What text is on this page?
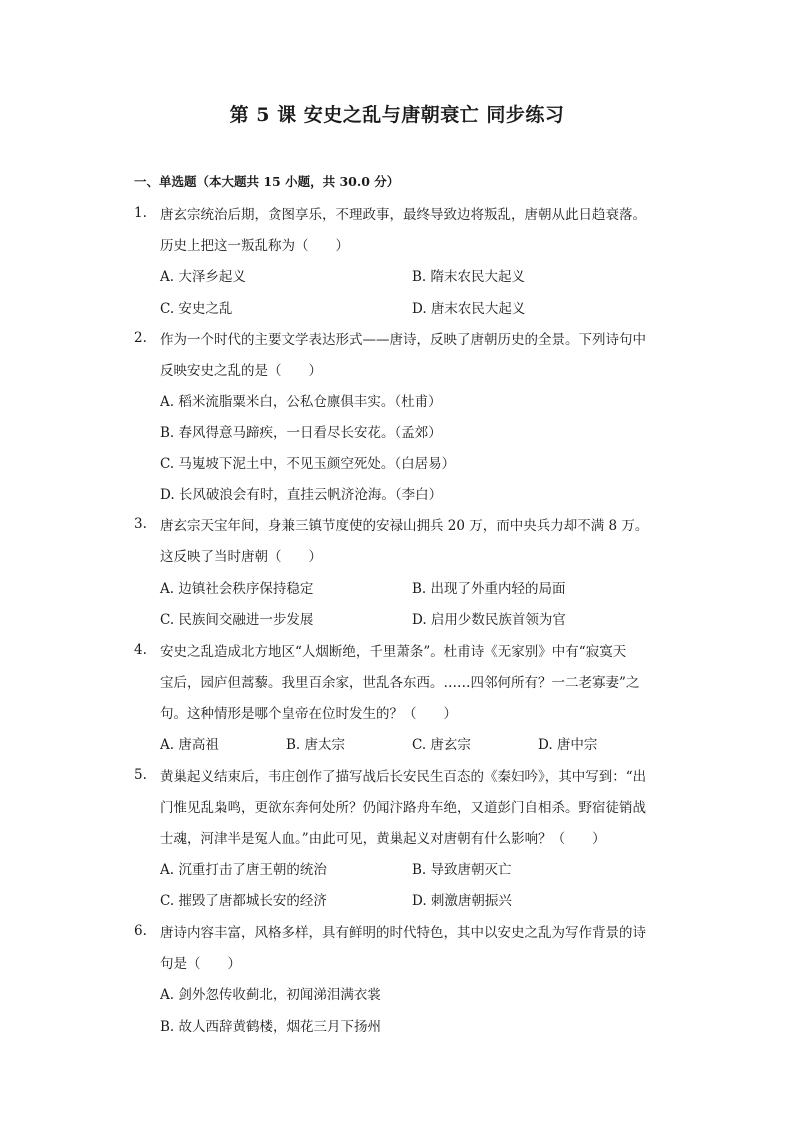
第 5 课 安史之乱与唐朝衰亡 同步练习
一、单选题（本大题共 15 小题，共 30.0 分）
1. 唐玄宗统治后期，贪图享乐，不理政事，最终导致边将叛乱，唐朝从此日趋衰落。
历史上把这一叛乱称为（　　）
A. 大泽乡起义	B. 隋末农民大起义
C. 安史之乱	D. 唐末农民大起义
2. 作为一个时代的主要文学表达形式——唐诗，反映了唐朝历史的全景。下列诗句中
反映安史之乱的是（　　）
A. 稻米流脂粟米白，公私仓廪俱丰实。（杜甫）
B. 春风得意马蹄疾，一日看尽长安花。（孟郊）
C. 马嵬坡下泥土中，不见玉颜空死处。（白居易）
D. 长风破浪会有时，直挂云帆济沧海。（李白）
3. 唐玄宗天宝年间，身兼三镇节度使的安禄山拥兵 20 万，而中央兵力却不满 8 万。
这反映了当时唐朝（　　）
A. 边镇社会秩序保持稳定	B. 出现了外重内轻的局面
C. 民族间交融进一步发展	D. 启用少数民族首领为官
4. 安史之乱造成北方地区“人烟断绝，千里萧条”。杜甫诗《无家别》中有“寂寞天
宝后，园庐但蒿藜。我里百余家，世乱各东西。……四邻何所有？一二老寡妻”之
句。这种情形是哪个皇帝在位时发生的？（　　）
A. 唐高祖	B. 唐太宗	C. 唐玄宗	D. 唐中宗
5. 黄巢起义结束后，韦庄创作了描写战后长安民生百态的《秦妇吟》，其中写到：“出
门惟见乱枭鸣，更欲东奔何处所？仍闻汴路舟车绝，又道彭门自相杀。野宿徒销战
士魂，河津半是冤人血。”由此可见，黄巢起义对唐朝有什么影响？（　　）
A. 沉重打击了唐王朝的统治	B. 导致唐朝灭亡
C. 摧毁了唐都城长安的经济	D. 刺激唐朝振兴
6. 唐诗内容丰富，风格多样，具有鲜明的时代特色，其中以安史之乱为写作背景的诗
句是（　　）
A. 剑外忽传收蓟北，初闻涕泪满衣裳
B. 故人西辞黄鹤楼，烟花三月下扬州
